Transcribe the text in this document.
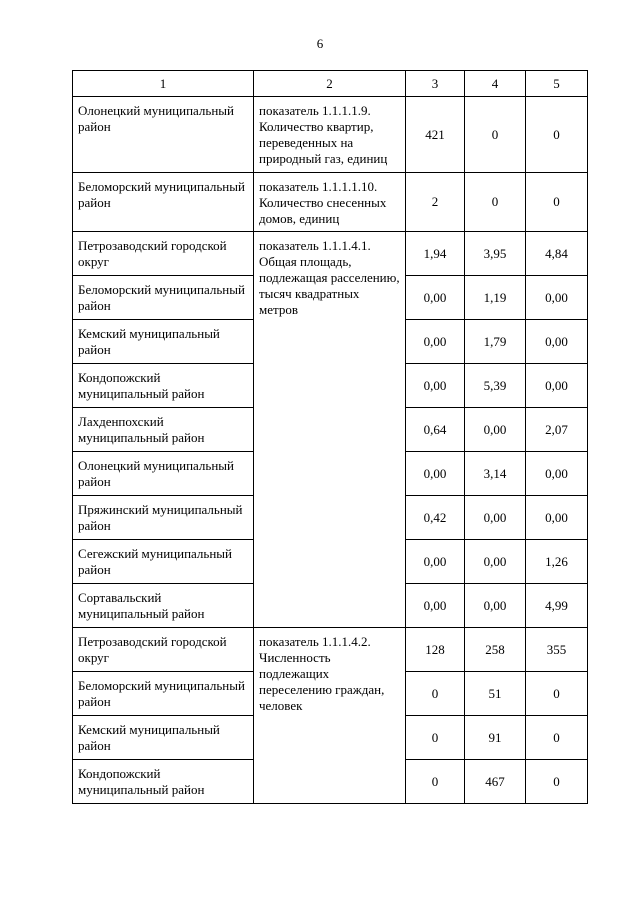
6
1	2	3	4	5
Олонецкий муниципальный район	показатель 1.1.1.1.9. Количество квартир, переведенных на природный газ, единиц	421	0	0
Беломорский муниципальный район	показатель 1.1.1.1.10. Количество снесенных домов, единиц	2	0	0
Петрозаводский городской округ	показатель 1.1.1.4.1. Общая площадь, подлежащая расселению, тысяч квадратных метров	1,94	3,95	4,84
Беломорский муниципальный район		0,00	1,19	0,00
Кемский муниципальный район		0,00	1,79	0,00
Кондопожский муниципальный район		0,00	5,39	0,00
Лахденпохский муниципальный район		0,64	0,00	2,07
Олонецкий муниципальный район		0,00	3,14	0,00
Пряжинский муниципальный район		0,42	0,00	0,00
Сегежский муниципальный район		0,00	0,00	1,26
Сортавальский муниципальный район		0,00	0,00	4,99
Петрозаводский городской округ	показатель 1.1.1.4.2. Численность подлежащих переселению граждан, человек	128	258	355
Беломорский муниципальный район		0	51	0
Кемский муниципальный район		0	91	0
Кондопожский муниципальный район		0	467	0
